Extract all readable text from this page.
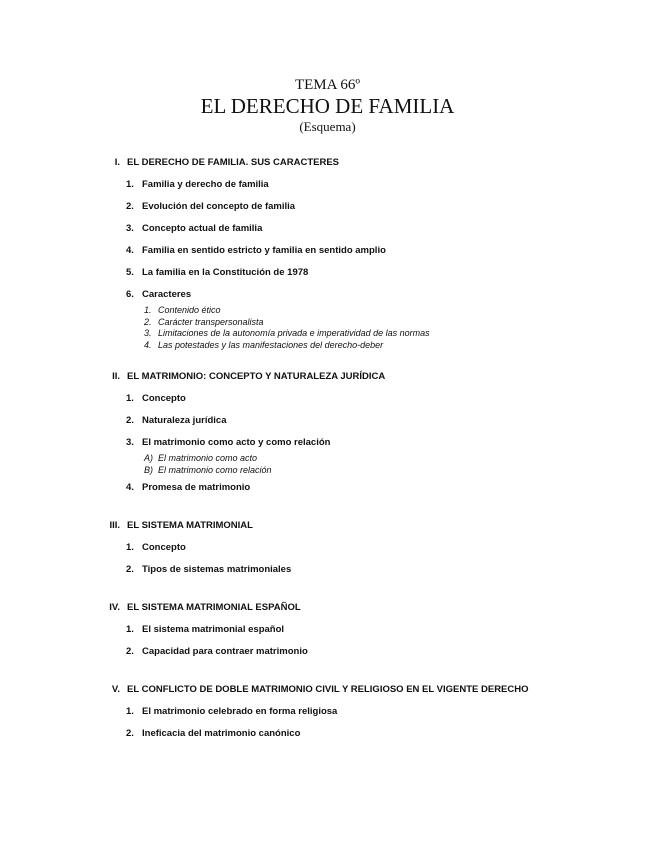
TEMA 66º
EL DERECHO DE FAMILIA
(Esquema)
I. EL DERECHO DE FAMILIA. SUS CARACTERES
1. Familia y derecho de familia
2. Evolución del concepto de familia
3. Concepto actual de familia
4. Familia en sentido estricto y familia en sentido amplio
5. La familia en la Constitución de 1978
6. Caracteres
1. Contenido ético
2. Carácter transpersonalista
3. Limitaciones de la autonomía privada e imperatividad de las normas
4. Las potestades y las manifestaciones del derecho-deber
II. EL MATRIMONIO: CONCEPTO Y NATURALEZA JURÍDICA
1. Concepto
2. Naturaleza jurídica
3. El matrimonio como acto y como relación
A) El matrimonio como acto
B) El matrimonio como relación
4. Promesa de matrimonio
III. EL SISTEMA MATRIMONIAL
1. Concepto
2. Tipos de sistemas matrimoniales
IV. EL SISTEMA MATRIMONIAL ESPAÑOL
1. El sistema matrimonial español
2. Capacidad para contraer matrimonio
V. EL CONFLICTO DE DOBLE MATRIMONIO CIVIL Y RELIGIOSO EN EL VIGENTE DERECHO
1. El matrimonio celebrado en forma religiosa
2. Ineficacia del matrimonio canónico
